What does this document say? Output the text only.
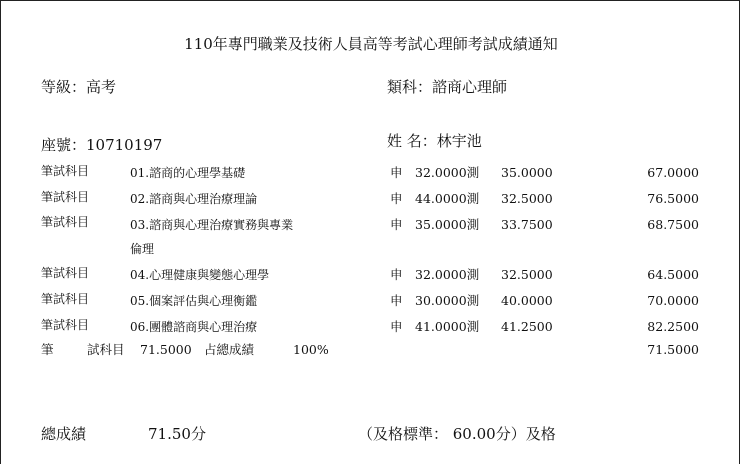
110年專門職業及技術人員高等考試心理師考試成績通知
等級：高考	類科：諮商心理師
座號：10710197	姓 名：林宇池
筆試科目	01.諮商的心理學基礎	申 32.0000測 35.0000	67.0000
筆試科目	02.諮商與心理治療理論	申 44.0000測 32.5000	76.5000
筆試科目	03.諮商與心理治療實務與專業
倫理
申 35.0000測 33.7500	68.7500
筆試科目	04.心理健康與變態心理學	申 32.0000測 32.5000	64.5000
筆試科目	05.個案評估與心理衡鑑	申 30.0000測 40.0000	70.0000
筆試科目	06.團體諮商與心理治療	申 41.0000測 41.2500	82.2500
筆	試科目 71.5000 占總成績	100%	71.5000
總成績	71.50分	（及格標準： 60.00分）及格
